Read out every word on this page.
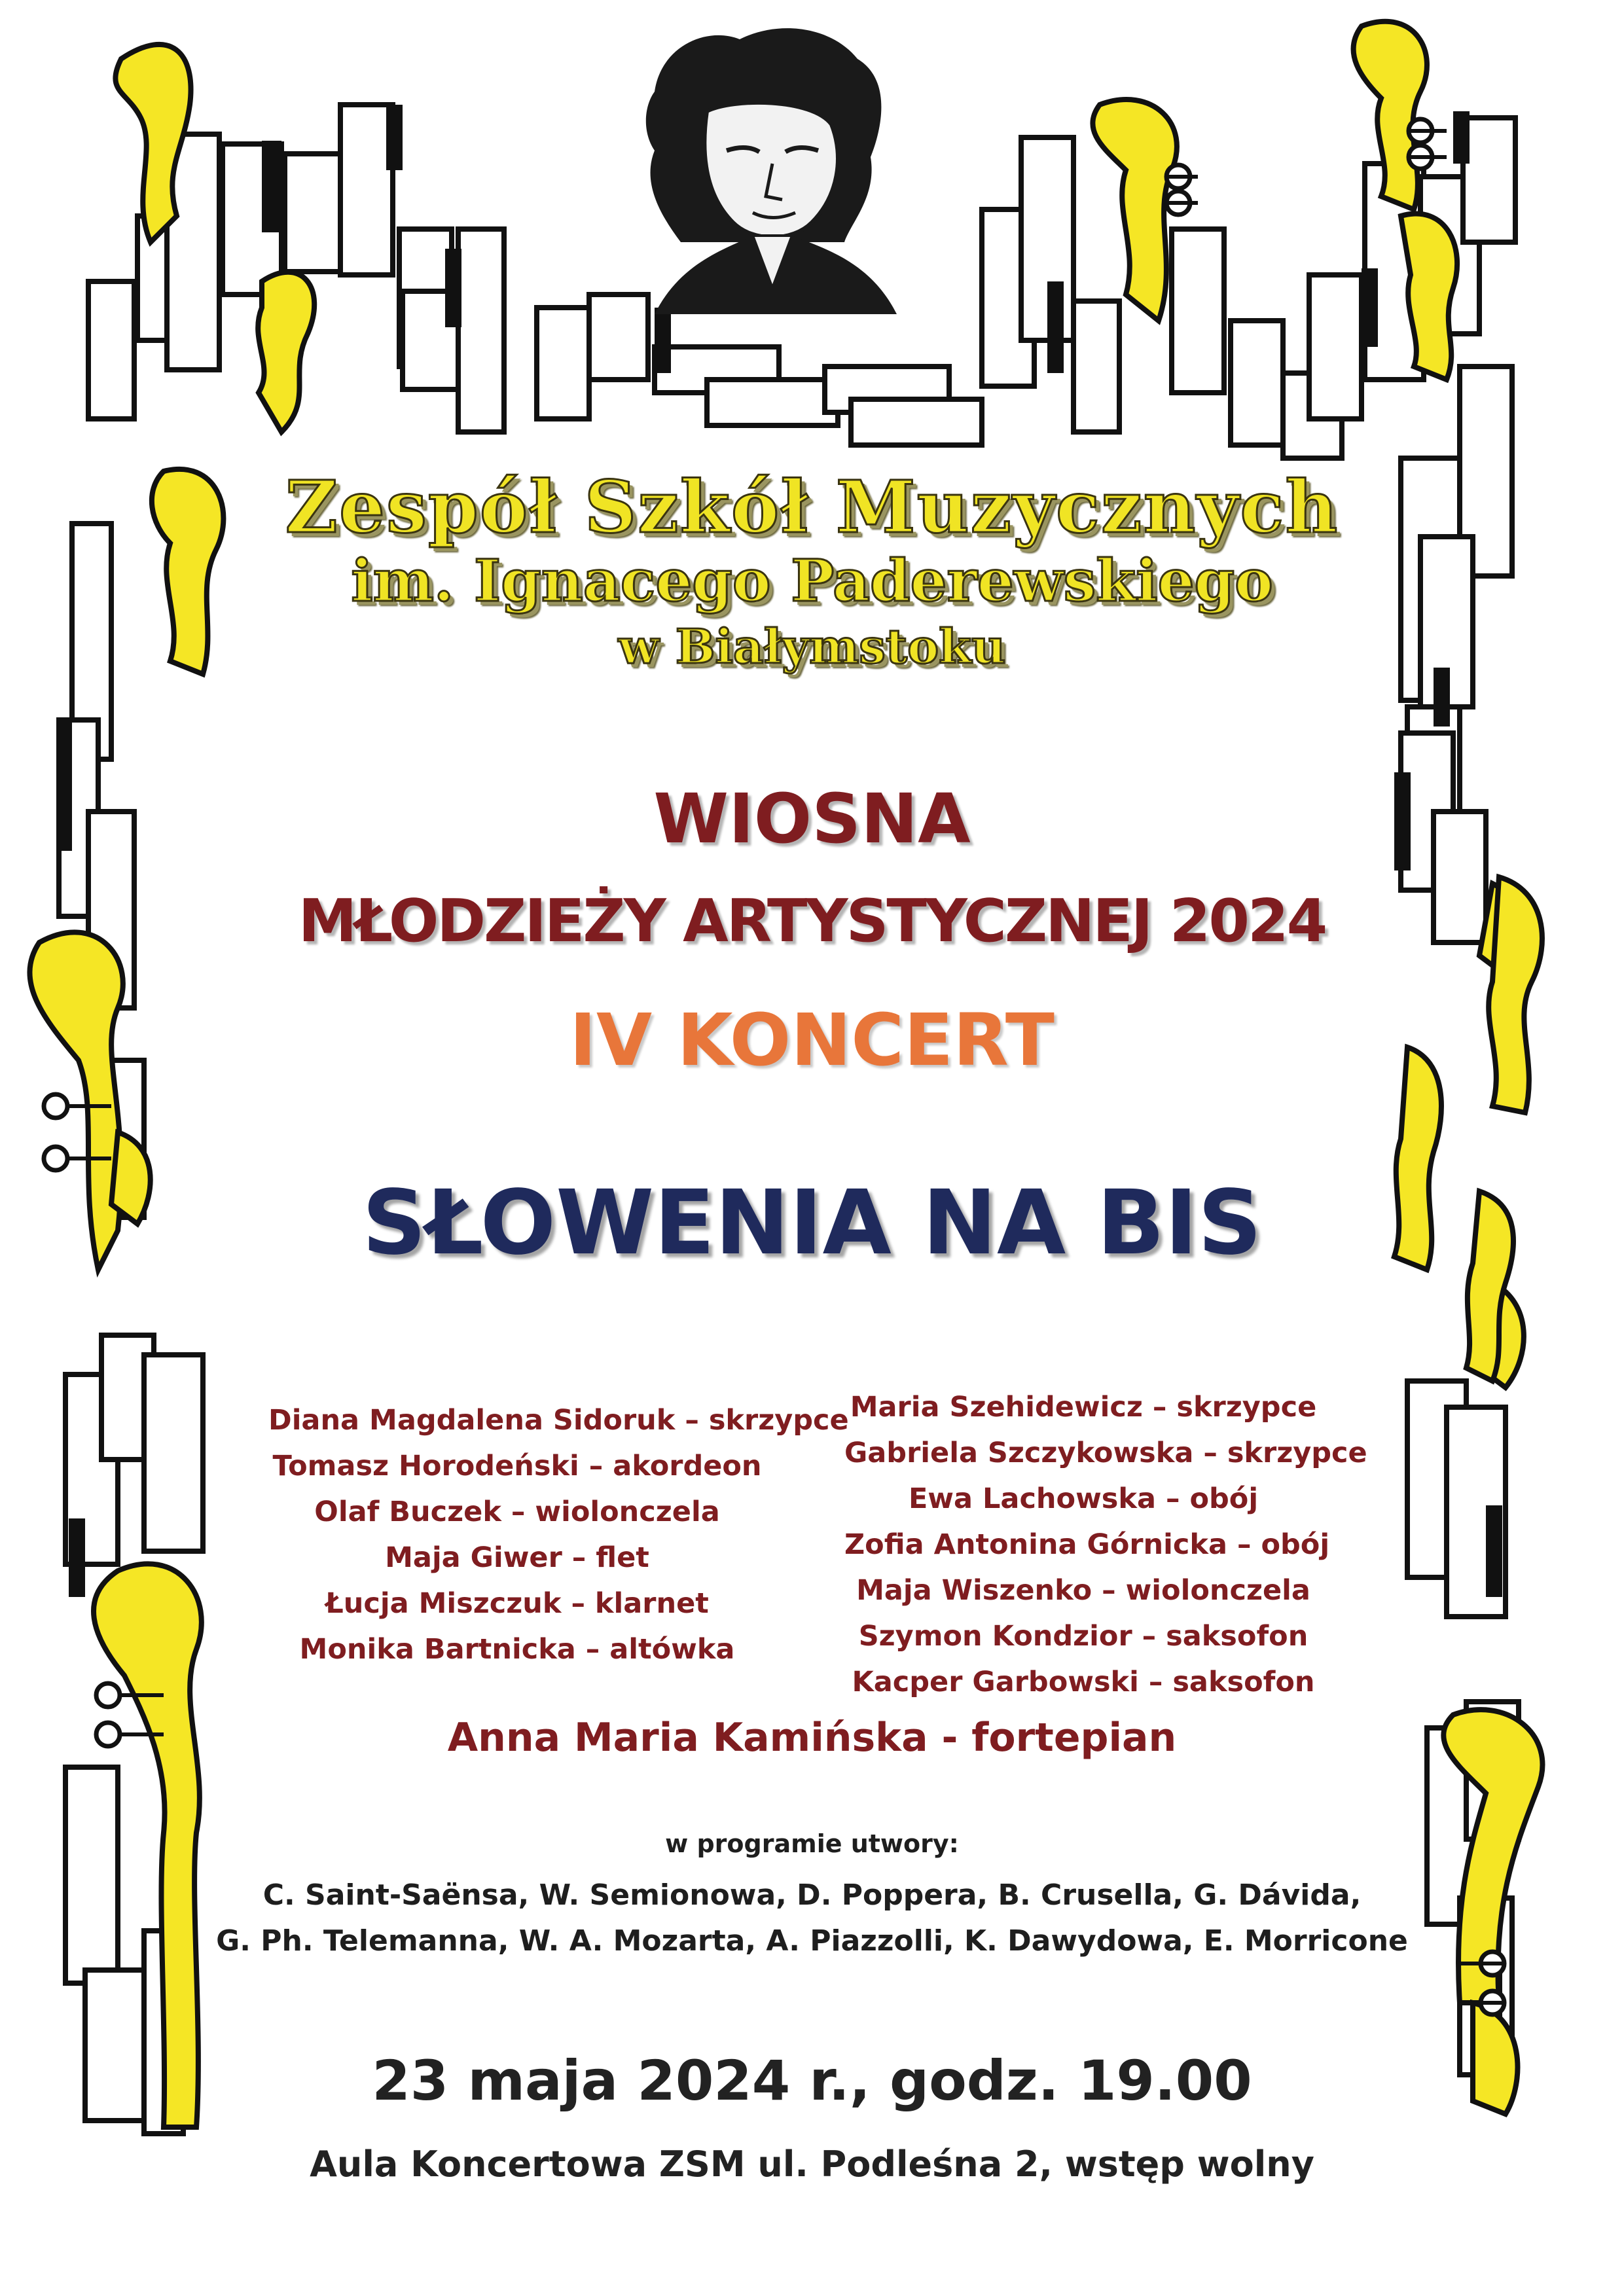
Zespół Szkół Muzycznych
im. Ignacego Paderewskiego
w Białymstoku
WIOSNA
MŁODZIEŻY ARTYSTYCZNEJ 2024
IV KONCERT
SŁOWENIA NA BIS
Diana Magdalena Sidoruk – skrzypce
Tomasz Horodeński – akordeon
Olaf Buczek – wiolonczela
Maja Giwer – flet
Łucja Miszczuk – klarnet
Monika Bartnicka – altówka
Maria Szehidewicz – skrzypce
Gabriela Szczykowska – skrzypce
Ewa Lachowska – obój
Zofia Antonina Górnicka – obój
Maja Wiszenko – wiolonczela
Szymon Kondzior – saksofon
Kacper Garbowski – saksofon
Anna Maria Kamińska - fortepian
w programie utwory:
C. Saint-Saënsa, W. Semionowa, D. Poppera, B. Crusella, G. Dávida,
G. Ph. Telemanna, W. A. Mozarta, A. Piazzolli, K. Dawydowa, E. Morricone
23 maja 2024 r., godz. 19.00
Aula Koncertowa ZSM ul. Podleśna 2, wstęp wolny
